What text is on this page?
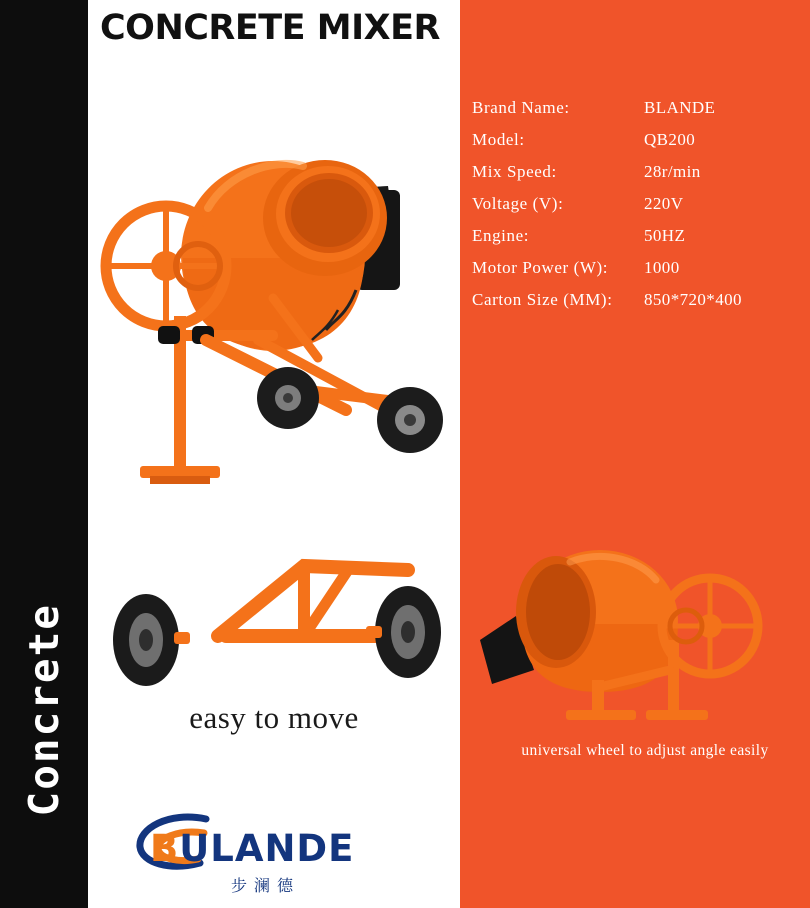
Concrete
CONCRETE MIXER
easy to move
BULANDE
步澜德
Brand Name:	BLANDE
Model:	QB200
Mix Speed:	28r/min
Voltage (V):	220V
Engine:	50HZ
Motor Power (W):	1000
Carton Size (MM):	850*720*400
universal wheel to adjust angle easily
